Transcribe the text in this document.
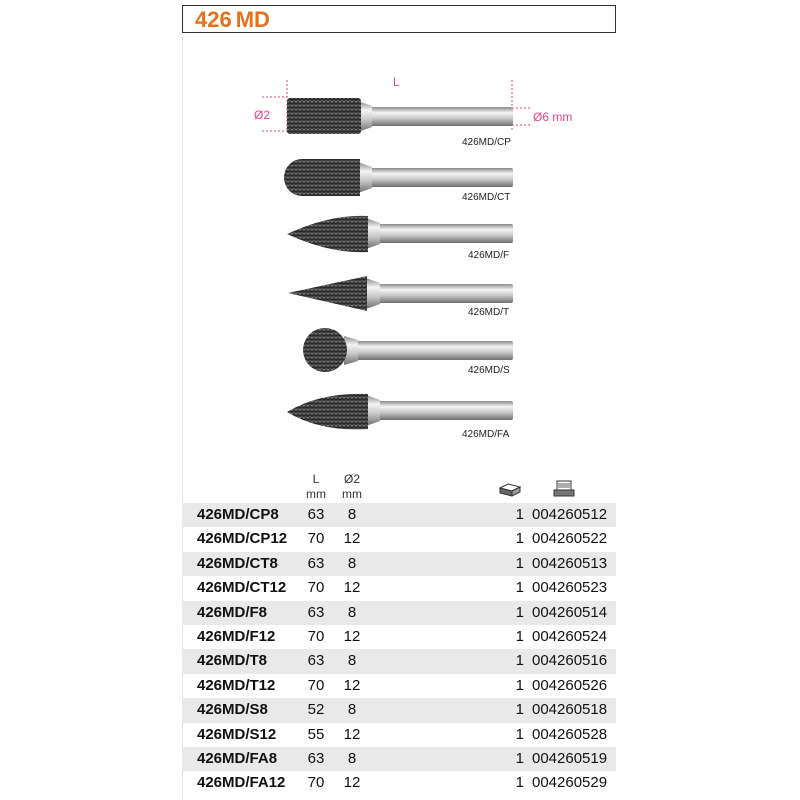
426 MD
L
Ø2	Ø6 mm
426MD/CP
426MD/CT
426MD/F
426MD/T
426MD/S
426MD/FA
L
mm
Ø2
mm
426MD/CP8 63	8	1 004260512
426MD/CP12 70 12	1 004260522
426MD/CT8 63	8	1 004260513
426MD/CT12 70 12	1 004260523
426MD/F8	63	8	1 004260514
426MD/F12 70 12	1 004260524
426MD/T8	63	8	1 004260516
426MD/T12 70 12	1 004260526
426MD/S8	52	8	1 004260518
426MD/S12 55 12	1 004260528
426MD/FA8 63	8	1 004260519
426MD/FA12 70 12	1 004260529
